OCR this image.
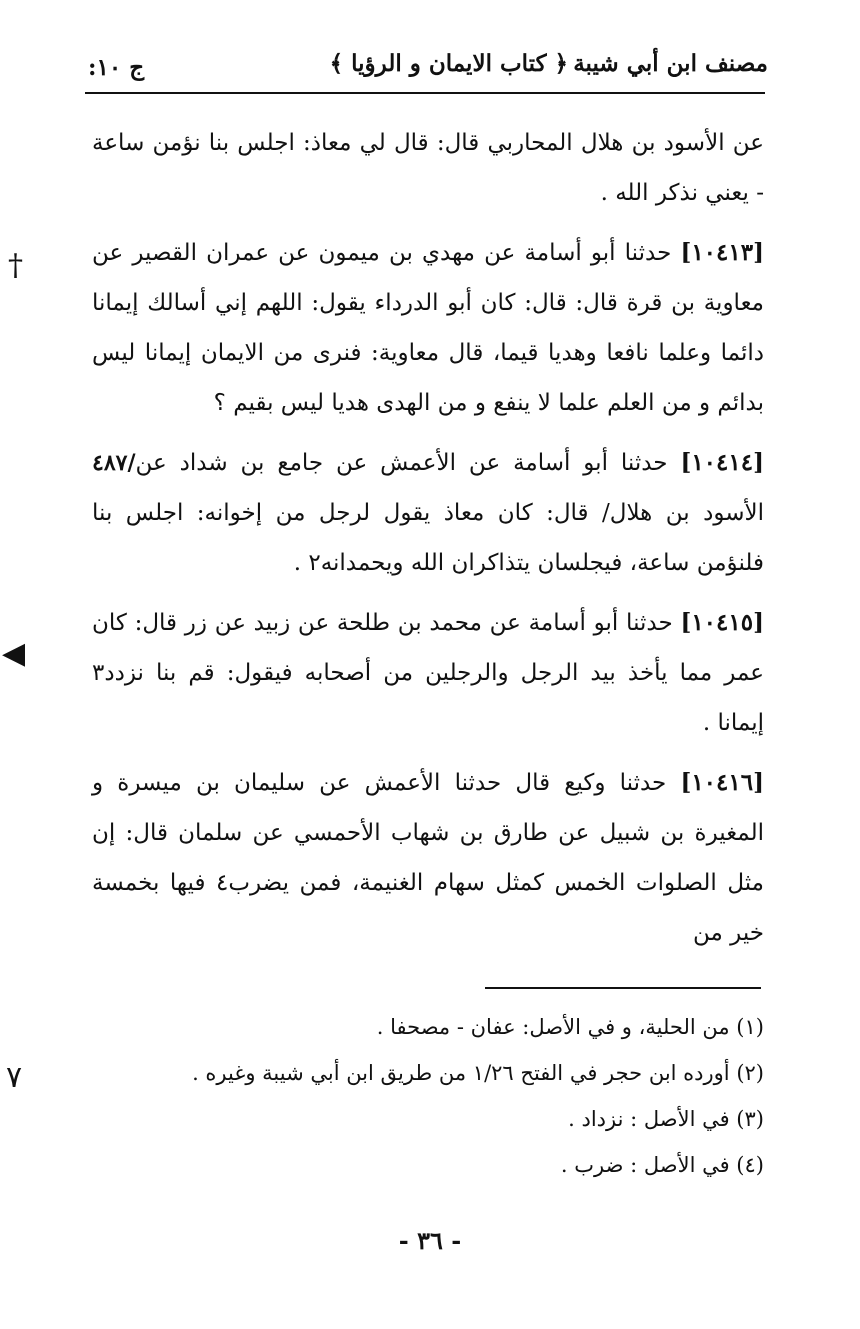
مصنف ابن أبي شيبة
﴿ كتاب الايمان و الرؤيا ﴾
ج ١٠:

عن الأسود بن هلال المحاربي قال: قال لي معاذ: اجلس بنا نؤمن ساعة - يعني نذكر الله .

[١٠٤١٣] حدثنا أبو أسامة عن مهدي بن ميمون عن عمران القصير عن معاوية بن قرة قال: قال: كان أبو الدرداء يقول: اللهم إني أسالك إيمانا دائما وعلما نافعا وهديا قيما، قال معاوية: فنرى من الايمان إيمانا ليس بدائم و من العلم علما لا ينفع و من الهدى هديا ليس بقيم ؟

٤٨٧/	[١٠٤١٤] حدثنا أبو أسامة عن الأعمش عن جامع بن شداد عن الأسود بن هلال/ قال: كان معاذ يقول لرجل من إخوانه: اجلس بنا فلنؤمن ساعة، فيجلسان يتذاكران الله ويحمدانه٢ .

[١٠٤١٥] حدثنا أبو أسامة عن محمد بن طلحة عن زبيد عن زر قال: كان عمر مما يأخذ بيد الرجل والرجلين من أصحابه فيقول: قم بنا نزدد٣ إيمانا .

[١٠٤١٦] حدثنا وكيع قال حدثنا الأعمش عن سليمان بن ميسرة و المغيرة بن شبيل عن طارق بن شهاب الأحمسي عن سلمان قال: إن مثل الصلوات الخمس كمثل سهام الغنيمة، فمن يضرب٤ فيها بخمسة خير من

(١) من الحلية، و في الأصل: عفان - مصحفا .
(٢) أورده ابن حجر في الفتح ١/٢٦ من طريق ابن أبي شيبة وغيره .
(٣) في الأصل : نزداد .
(٤) في الأصل : ضرب .
- ٣٦ -
†
◀
٧
